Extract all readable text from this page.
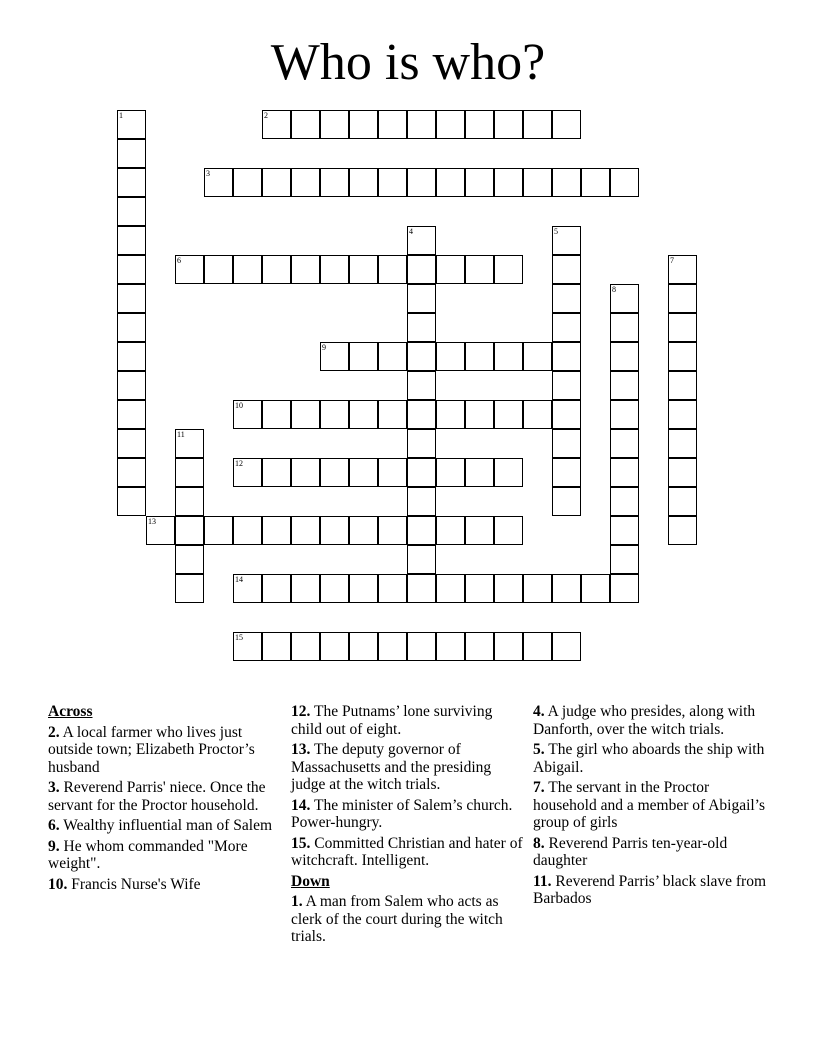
Who is who?
1	2
3
4	5
6	7
8
9
10
11
12
13
14
15
Across
2. A local farmer who lives just outside town; Elizabeth Proctor’s husband
3. Reverend Parris' niece. Once the servant for the Proctor household.
6. Wealthy influential man of Salem
9. He whom commanded "More weight".
10. Francis Nurse's Wife
12. The Putnams’ lone surviving child out of eight.
13. The deputy governor of Massachusetts and the presiding judge at the witch trials.
14. The minister of Salem’s church. Power-hungry.
15. Committed Christian and hater of witchcraft. Intelligent.
Down
1. A man from Salem who acts as clerk of the court during the witch trials.
4. A judge who presides, along with Danforth, over the witch trials.
5. The girl who aboards the ship with Abigail.
7. The servant in the Proctor household and a member of Abigail’s group of girls
8. Reverend Parris ten-year-old daughter
11. Reverend Parris’ black slave from Barbados
